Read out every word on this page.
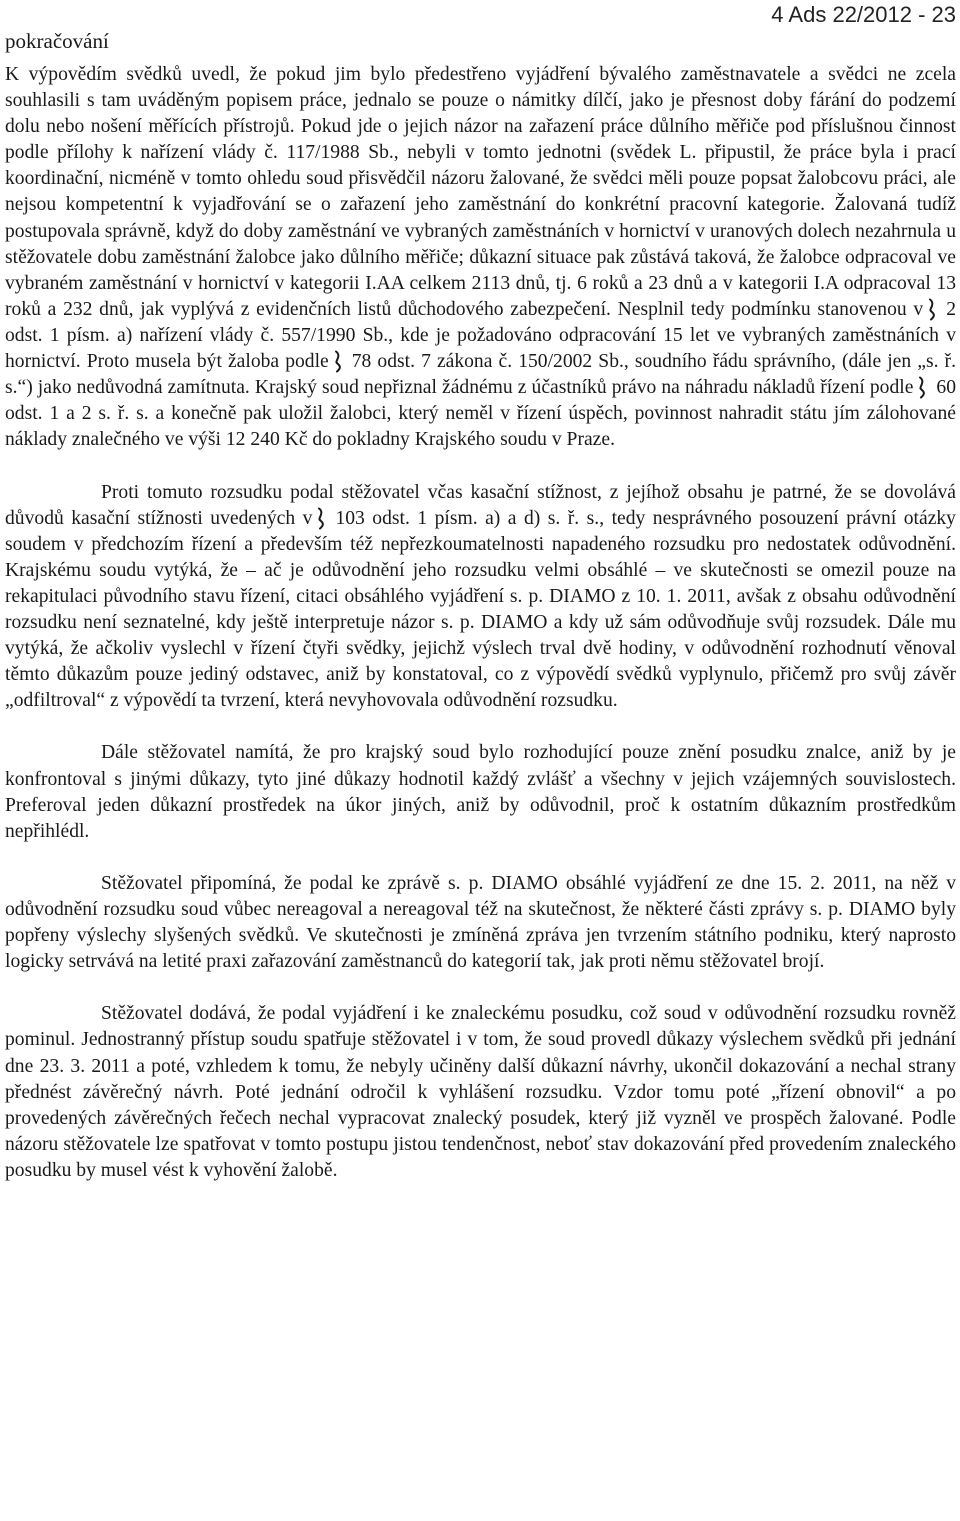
pokračování
4 Ads 22/2012 - 23

K výpovědím svědků uvedl, že pokud jim bylo předestřeno vyjádření bývalého zaměstnavatele a svědci ne zcela souhlasili s tam uváděným popisem práce, jednalo se pouze o námitky dílčí, jako je přesnost doby fárání do podzemí dolu nebo nošení měřících přístrojů. Pokud jde o jejich názor na zařazení práce důlního měřiče pod příslušnou činnost podle přílohy k nařízení vlády č. 117/1988 Sb., nebyli v tomto jednotni (svědek L. připustil, že práce byla i prací koordinační, nicméně v tomto ohledu soud přisvědčil názoru žalované, že svědci měli pouze popsat žalobcovu práci, ale nejsou kompetentní k vyjadřování se o zařazení jeho zaměstnání do konkrétní pracovní kategorie. Žalovaná tudíž postupovala správně, když do doby zaměstnání ve vybraných zaměstnáních v hornictví v uranových dolech nezahrnula u stěžovatele dobu zaměstnání žalobce jako důlního měřiče; důkazní situace pak zůstává taková, že žalobce odpracoval ve vybraném zaměstnání v hornictví v kategorii I.AA celkem 2113 dnů, tj. 6 roků a 23 dnů a v kategorii I.A odpracoval 13 roků a 232 dnů, jak vyplývá z evidenčních listů důchodového zabezpečení. Nesplnil tedy podmínku stanovenou v 2 odst. 1 písm. a) nařízení vlády č. 557/1990 Sb., kde je požadováno odpracování 15 let ve vybraných zaměstnáních v hornictví. Proto musela být žaloba podle 78 odst. 7 zákona č. 150/2002 Sb., soudního řádu správního, (dále jen „s. ř. s.“) jako nedůvodná zamítnuta. Krajský soud nepřiznal žádnému z účastníků právo na náhradu nákladů řízení podle 60 odst. 1 a 2 s. ř. s. a konečně pak uložil žalobci, který neměl v řízení úspěch, povinnost nahradit státu jím zálohované náklady znalečného ve výši 12 240 Kč do pokladny Krajského soudu v Praze.

Proti tomuto rozsudku podal stěžovatel včas kasační stížnost, z jejíhož obsahu je patrné, že se dovolává důvodů kasační stížnosti uvedených v 103 odst. 1 písm. a) a d) s. ř. s., tedy nesprávného posouzení právní otázky soudem v předchozím řízení a především též nepřezkoumatelnosti napadeného rozsudku pro nedostatek odůvodnění. Krajskému soudu vytýká, že – ač je odůvodnění jeho rozsudku velmi obsáhlé – ve skutečnosti se omezil pouze na rekapitulaci původního stavu řízení, citaci obsáhlého vyjádření s. p. DIAMO z 10. 1. 2011, avšak z obsahu odůvodnění rozsudku není seznatelné, kdy ještě interpretuje názor s. p. DIAMO a kdy už sám odůvodňuje svůj rozsudek. Dále mu vytýká, že ačkoliv vyslechl v řízení čtyři svědky, jejichž výslech trval dvě hodiny, v odůvodnění rozhodnutí věnoval těmto důkazům pouze jediný odstavec, aniž by konstatoval, co z výpovědí svědků vyplynulo, přičemž pro svůj závěr „odfiltroval“ z výpovědí ta tvrzení, která nevyhovovala odůvodnění rozsudku.

Dále stěžovatel namítá, že pro krajský soud bylo rozhodující pouze znění posudku znalce, aniž by je konfrontoval s jinými důkazy, tyto jiné důkazy hodnotil každý zvlášť a všechny v jejich vzájemných souvislostech. Preferoval jeden důkazní prostředek na úkor jiných, aniž by odůvodnil, proč k ostatním důkazním prostředkům nepřihlédl.

Stěžovatel připomíná, že podal ke zprávě s. p. DIAMO obsáhlé vyjádření ze dne 15. 2. 2011, na něž v odůvodnění rozsudku soud vůbec nereagoval a nereagoval též na skutečnost, že některé části zprávy s. p. DIAMO byly popřeny výslechy slyšených svědků. Ve skutečnosti je zmíněná zpráva jen tvrzením státního podniku, který naprosto logicky setrvává na letité praxi zařazování zaměstnanců do kategorií tak, jak proti němu stěžovatel brojí.

Stěžovatel dodává, že podal vyjádření i ke znaleckému posudku, což soud v odůvodnění rozsudku rovněž pominul. Jednostranný přístup soudu spatřuje stěžovatel i v tom, že soud provedl důkazy výslechem svědků při jednání dne 23. 3. 2011 a poté, vzhledem k tomu, že nebyly učiněny další důkazní návrhy, ukončil dokazování a nechal strany přednést závěrečný návrh. Poté jednání odročil k vyhlášení rozsudku. Vzdor tomu poté „řízení obnovil“ a po provedených závěrečných řečech nechal vypracovat znalecký posudek, který již vyzněl ve prospěch žalované. Podle názoru stěžovatele lze spatřovat v tomto postupu jistou tendenčnost, neboť stav dokazování před provedením znaleckého posudku by musel vést k vyhovění žalobě.
